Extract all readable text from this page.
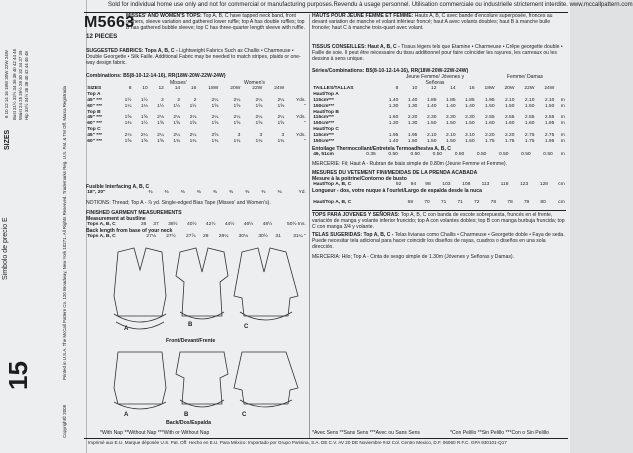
SIZES
8 10 12 14 16 18W 20W 22W 24W Bust 31½ 32½ 34 36 38 40 42 44 46 Waist 24 25 26½ 28 30 32 34 37 39 Hip 33½ 34½ 36 38 40 42 44 46 48
Simbolo de precio E
15	Printed in U.S.A. The McCall Pattern Co. 120 Broadway, New York 10271. All Rights Reserved. Trademarks Reg. U.S. Pat. & TM Off. Marca Registrada
Copyright© 2008
Sold for individual home use only and not for commercial or manufacturing purposes.Revendu à usage personnel. Utilisation commerciale ou industrielle strictement interdite. www.mccallpattern.com
M5663
12 PIECES
MISSES' AND WOMEN'S TOPS: Top A, B, C have tapped neck band, front gathers, sleeve variation and gathered lower ruffle; top A has double ruffles; top B has gathered bubble sleeve; top C has three-quarter length sleeve with ruffle.
SUGGESTED FABRICS: Tops A, B, C - Lightweight Fabrics Such as Challis • Charmeuse • Double Georgette • Silk Faille. Additional Fabric may be needed to match stripes, plaids or one-way design fabric.
Combinations: B5(8-10-12-14-16), RR(18W-20W-22W-24W)
Misses'	Women's
SIZES	8	10	12	14	16	18W	20W	22W	24W	
Top A										
45" ***	1½	1½	2	2	2	2¼	2¼	2¼	2¼	Yds.
60" ***	1¼	1⅓	1½	1½	1½	1⅝	1⅝	1⅝	1⅝	"
Top B										
45" ***	1⅝	1⅝	2⅛	2⅛	2⅛	2¼	2¼	2¼	2¼	Yds.
60" ***	1⅜	1½	1⅝	1⅝	1⅝	1⅝	1⅝	1⅝	1⅝	"
Top C										
45" ***	2⅛	2¼	2¼	2¼	2¼	2⅝	3	3	3	Yds.
60" ***	1⅝	1⅝	1⅝	1¾	1¾	1¾	1¾	1¾	1¾	"
Fusible Interfacing A, B, C
18", 20"	⅜	⅜	⅜	⅜	⅜	⅜	⅜	⅜	⅜	Yd.
NOTIONS: Thread; Top A - ⅞ yd. Single-edged Bias Tape (Misses' and Women's).
FINISHED GARMENT MEASUREMENTS
Measurement at bustline
Tops A, B, C	36	37	38½	40½	42½	44½	46½	48½	50½ Ins.
Back length from base of your neck
Tops A, B, C	27⅛	27½	27⅞	28	28¼	30⅛	30½	31	31¼ "
HAUTS POUR JEUNE FEMME ET FEMME: Hauts A, B, C avec bande d'encolure superposée, fronces au devant variation de manche et volant inférieur froncé; haut A avec volants doubles; haut B à manche bulle froncée; haut C à manche trois-quart avec volant.
TISSUS CONSEILLES: Haut A, B, C - Tissus légers tels que Etamine • Charmeuse • Crêpe georgette double • Faille de soie. Il peut être nécessaire du tissu additionnel pour faire coïncider les rayures, les carreaux ou les dessins à sens unique.
Séries/Combinations: B5(8-10-12-14-16), RR(18W-20W-22W-24W)
Jeune Femme/ Jóvenes y Señoras
Femme/ Damas
TAILLES/TALLAS	8	10	12	14	16	18W	20W	22W	24W	
Haut/Top A										
115cm***	1.40	1.40	1.85	1.85	1.85	1.95	2.10	2.10	2.10	m
150cm***	1.30	1.30	1.40	1.40	1.40	1.50	1.50	1.50	1.50	m
Haut/Top B										
115cm***	1.60	2.20	2.30	2.30	2.30	2.55	2.55	2.55	2.55	m
150cm***	1.30	1.30	1.50	1.50	1.50	1.60	1.60	1.60	1.95	m
Haut/Top C										
115cm***	1.95	1.95	2.10	2.10	2.10	2.20	2.20	2.75	2.75	m
150cm***	1.40	1.50	1.50	1.50	1.50	1.75	1.75	1.75	1.95	m
Entoilage Thermocollant/Entretela Termoadhesiva A, B, C
46, 51cm	0.35	0.50	0.50	0.50	0.50	0.50	0.50	0.50	0.50	m
MERCERIE: Fil; Haut A - Rubran de biais simple de 0.80m (Jeune Femme et Femme).
MESURES DU VETEMENT FINI/MEDIDAS DE LA PRENDA ACABADA
Mesure à la poitrine/Contorno de busto
Haut/Top A, B, C	92	94	98	103	108	113	118	123	128	cm
Longueur - dos, votre nuque à l'ourlet/Largo de espalda desde la nuca
Haut/Top A, B, C	69	70	71	71	72	78	78	79	80	cm
TOPS PARA JOVENES Y SEÑORAS: Top A, B, C con banda de escote sobrepuesta, fruncés en el frente, variación de manga y volante inferior fruncido; top A con volantes dobles; top B con manga burbuja fruncida; top C con manga 3/4 y volante.
TELAS SUGERIDAS: Top A, B, C - Telas livianas como Challis • Charmeuse • Georgette doble • Faya de seda. Puede necesitar tela adicional para hacer coincidir los diseños de rayas, cuadros o diseños en una sola dirección.
MERCERIA: Hilo; Top A - Cinta de sesgo simple de 1.30m (Jóvenes y Señoras y Damas).
A
B	C
Front/Devant/Frente
A	B	C
Back/Dos/Espalda
*With Nap **Without Nap ***With or Without Nap	*Avec Sens **Sans Sens ***Avec ou Sans Sens	*Con Pelillo **Sin Pelillo ***Con o Sin Pelillo
Imprimé aux E.U. Marque déposée U.S. Pat. Off. Hecho en E.U. Para México: Importado por Grupo Parisina, S.A. DE C.V. AV 20 DE Noviembre #42 Col. Centro Mexico, D.F. 06060 R.F.C. GPA 930101-Q17
